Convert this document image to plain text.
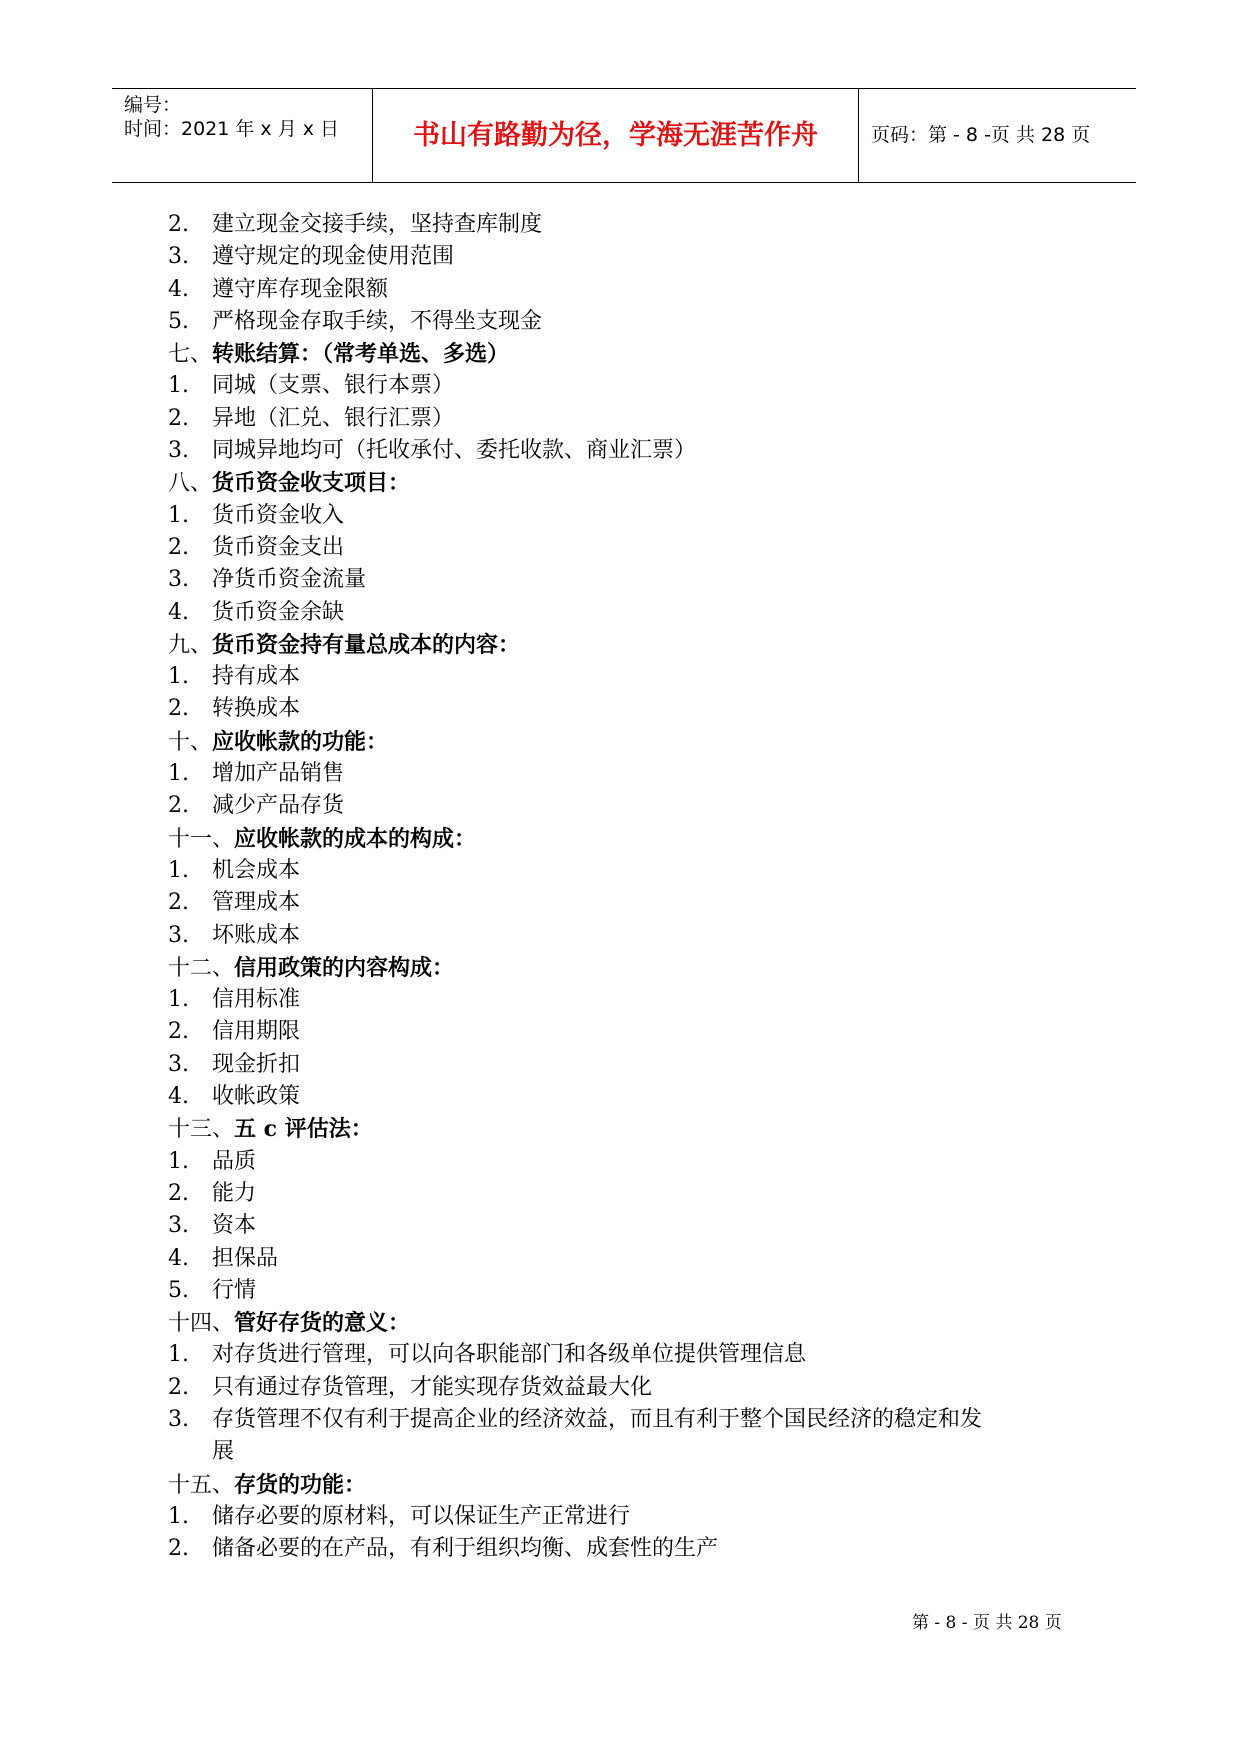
编号：
时间：2021 年 x 月 x 日	书山有路勤为径，学海无涯苦作舟	页码：第 - 8 -页 共 28 页
2.	建立现金交接手续，坚持查库制度
3.	遵守规定的现金使用范围
4.	遵守库存现金限额
5.	严格现金存取手续，不得坐支现金
七、转账结算：（常考单选、多选）
1.	同城（支票、银行本票）
2.	异地（汇兑、银行汇票）
3.	同城异地均可（托收承付、委托收款、商业汇票）
八、货币资金收支项目：
1.	货币资金收入
2.	货币资金支出
3.	净货币资金流量
4.	货币资金余缺
九、货币资金持有量总成本的内容：
1.	持有成本
2.	转换成本
十、应收帐款的功能：
1.	增加产品销售
2.	减少产品存货
十一、应收帐款的成本的构成：
1.	机会成本
2.	管理成本
3.	坏账成本
十二、信用政策的内容构成：
1.	信用标准
2.	信用期限
3.	现金折扣
4.	收帐政策
十三、五 c 评估法：
1.	品质
2.	能力
3.	资本
4.	担保品
5.	行情
十四、管好存货的意义：
1.	对存货进行管理，可以向各职能部门和各级单位提供管理信息
2.	只有通过存货管理，才能实现存货效益最大化
3.	存货管理不仅有利于提高企业的经济效益，而且有利于整个国民经济的稳定和发
展
十五、存货的功能：
1.	储存必要的原材料，可以保证生产正常进行
2.	储备必要的在产品，有利于组织均衡、成套性的生产
第 - 8 - 页 共 28 页
